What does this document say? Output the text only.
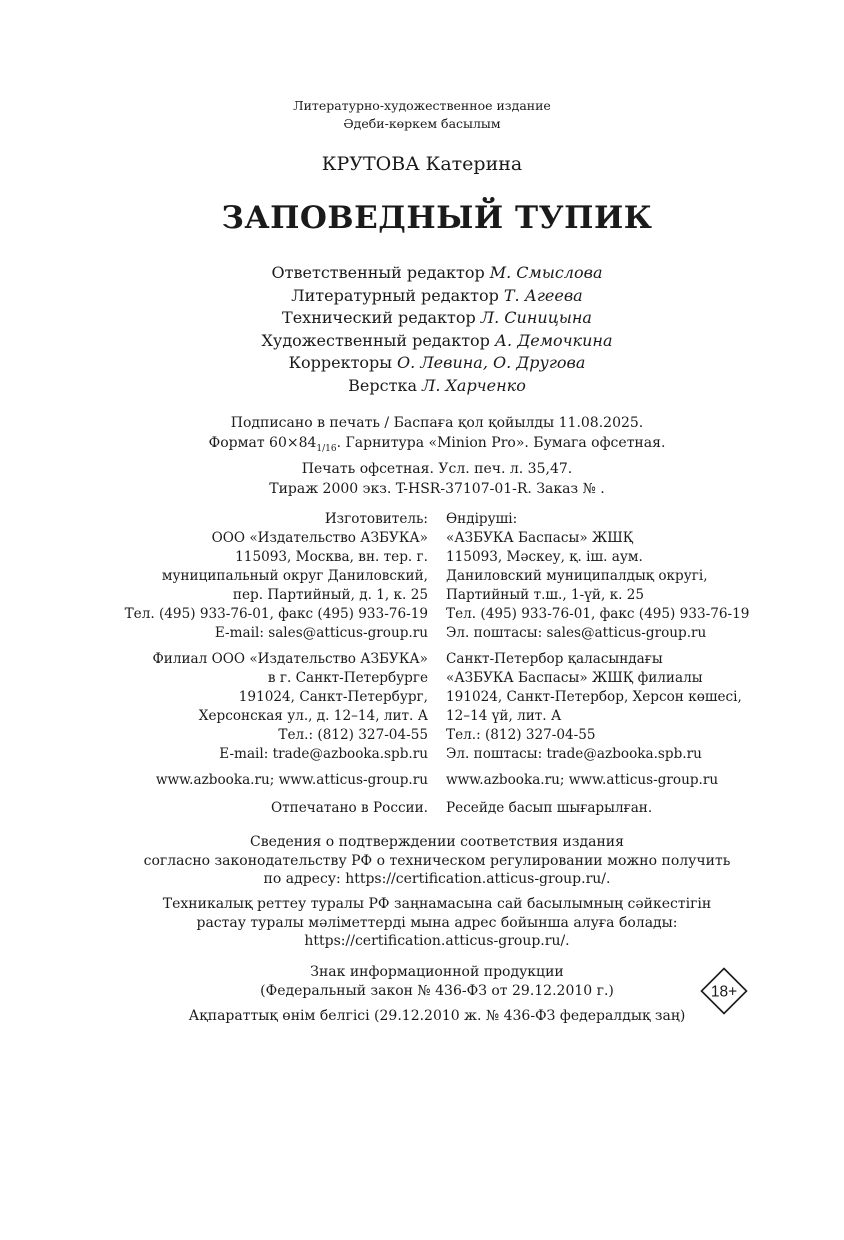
Литературно-художественное издание
Әдеби-көркем басылым
КРУТОВА Катерина
ЗАПОВЕДНЫЙ ТУПИК
Ответственный редактор М. Смыслова
Литературный редактор Т. Агеева
Технический редактор Л. Синицына
Художественный редактор А. Демочкина
Корректоры О. Левина, О. Другова
Верстка Л. Харченко
Подписано в печать / Баспаға қол қойылды 11.08.2025.
Формат $60\times 84_{1/16}$. Гарнитура «Minion Pro». Бумага офсетная.
Печать офсетная. Усл. печ. л. 35,47.
Тираж 2000 экз. T-HSR-37107-01-R. Заказ № .
Изготовитель:
ООО «Издательство АЗБУКА»
115093, Москва, вн. тер. г.
муниципальный округ Даниловский,
пер. Партийный, д. 1, к. 25
Тел. (495) 933-76-01, факс (495) 933-76-19
E-mail: sales@atticus-group.ru
Өндіруші:
«АЗБУКА Баспасы» ЖШҚ
115093, Мәскеу, қ. іш. аум.
Даниловский муниципалдық округі,
Партийный т.ш., 1-үй, к. 25
Тел. (495) 933-76-01, факс (495) 933-76-19
Эл. поштасы: sales@atticus-group.ru
Филиал ООО «Издательство АЗБУКА»
в г. Санкт-Петербурге
191024, Санкт-Петербург,
Херсонская ул., д. 12–14, лит. А
Тел.: (812) 327-04-55
E-mail: trade@azbooka.spb.ru
Санкт-Петербор қаласындағы
«АЗБУКА Баспасы» ЖШҚ филиалы
191024, Санкт-Петербор, Херсон көшесі,
12–14 үй, лит. А
Тел.: (812) 327-04-55
Эл. поштасы: trade@azbooka.spb.ru
www.azbooka.ru; www.atticus-group.ru www.azbooka.ru; www.atticus-group.ru
Отпечатано в России. Ресейде басып шығарылған.
Сведения о подтверждении соответствия издания
согласно законодательству РФ о техническом регулировании можно получить
по адресу: https://certification.atticus-group.ru/.
Техникалық реттеу туралы РФ заңнамасына сай басылымның сәйкестігін
растау туралы мәліметтерді мына адрес бойынша алуға болады:
https://certification.atticus-group.ru/.
Знак информационной продукции
(Федеральный закон № 436-ФЗ от 29.12.2010 г.)
Ақпараттық өнім белгісі (29.12.2010 ж. № 436-ФЗ федералдық заң)
18+
